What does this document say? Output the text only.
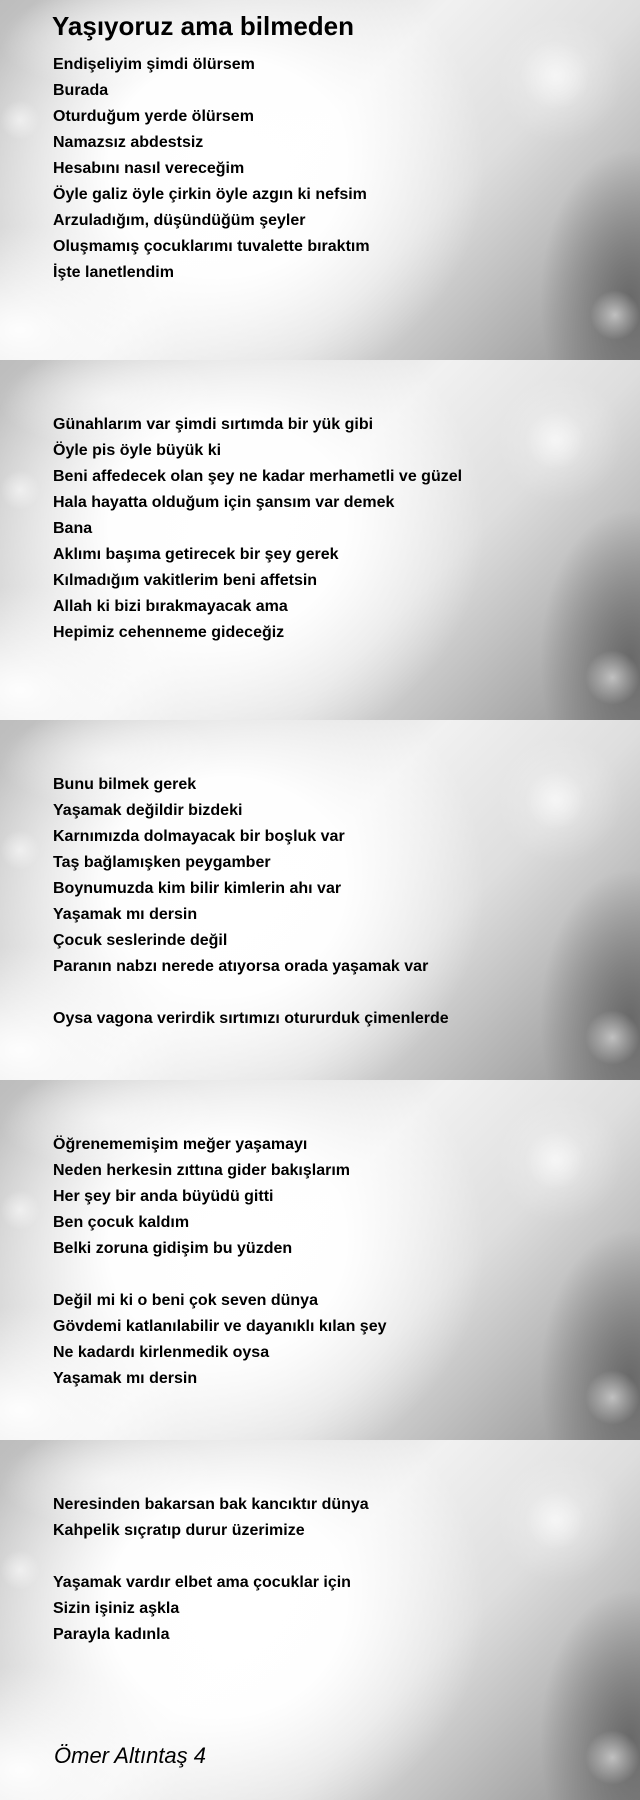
Yaşıyoruz ama bilmeden
Endişeliyim şimdi ölürsem
Burada
Oturduğum yerde ölürsem
Namazsız abdestsiz
Hesabını nasıl vereceğim
Öyle galiz öyle çirkin öyle azgın ki nefsim
Arzuladığım, düşündüğüm şeyler
Oluşmamış çocuklarımı tuvalette bıraktım
İşte lanetlendim
Günahlarım var şimdi sırtımda bir yük gibi
Öyle pis öyle büyük ki
Beni affedecek olan şey ne kadar merhametli ve güzel
Hala hayatta olduğum için şansım var demek
Bana
Aklımı başıma getirecek bir şey gerek
Kılmadığım vakitlerim beni affetsin
Allah ki bizi bırakmayacak ama
Hepimiz cehenneme gideceğiz
Bunu bilmek gerek
Yaşamak değildir bizdeki
Karnımızda dolmayacak bir boşluk var
Taş bağlamışken peygamber
Boynumuzda kim bilir kimlerin ahı var
Yaşamak mı dersin
Çocuk seslerinde değil
Paranın nabzı nerede atıyorsa orada yaşamak var
Oysa vagona verirdik sırtımızı otururduk çimenlerde
Öğrenememişim meğer yaşamayı
Neden herkesin zıttına gider bakışlarım
Her şey bir anda büyüdü gitti
Ben çocuk kaldım
Belki zoruna gidişim bu yüzden
Değil mi ki o beni çok seven dünya
Gövdemi katlanılabilir ve dayanıklı kılan şey
Ne kadardı kirlenmedik oysa
Yaşamak mı dersin
Neresinden bakarsan bak kancıktır dünya
Kahpelik sıçratıp durur üzerimize
Yaşamak vardır elbet ama çocuklar için
Sizin işiniz aşkla
Parayla kadınla
Ömer Altıntaş 4
